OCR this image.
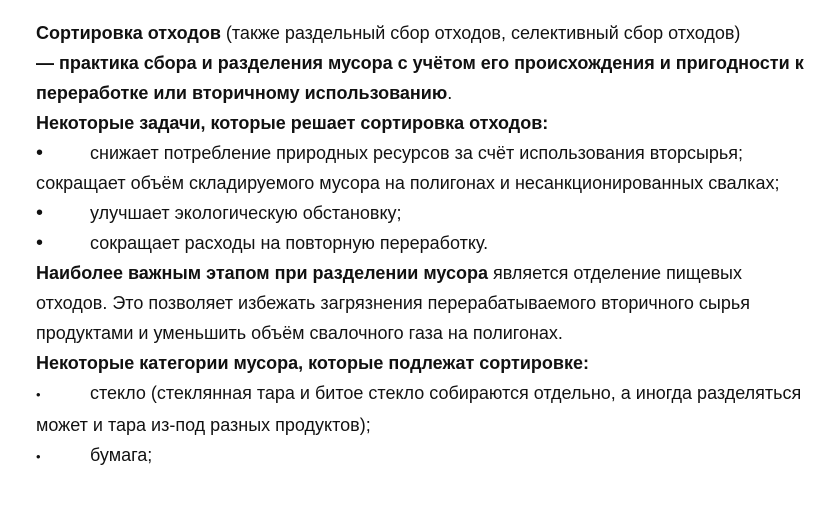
Сортировка отходов (также раздельный сбор отходов, селективный сбор отходов)
— практика сбора и разделения мусора с учётом его происхождения и пригодности к переработке или вторичному использованию.

Некоторые задачи, которые решает сортировка отходов:

•	снижает потребление природных ресурсов за счёт использования вторсырья; сокращает объём складируемого мусора на полигонах и несанкционированных свалках;

•	улучшает экологическую обстановку;

•	сокращает расходы на повторную переработку.

Наиболее важным этапом при разделении мусора является отделение пищевых отходов. Это позволяет избежать загрязнения перерабатываемого вторичного сырья продуктами и уменьшить объём свалочного газа на полигонах.

Некоторые категории мусора, которые подлежат сортировке:

•	стекло (стеклянная тара и битое стекло собираются отдельно, а иногда разделяться может и тара из-под разных продуктов);

•	бумага;
